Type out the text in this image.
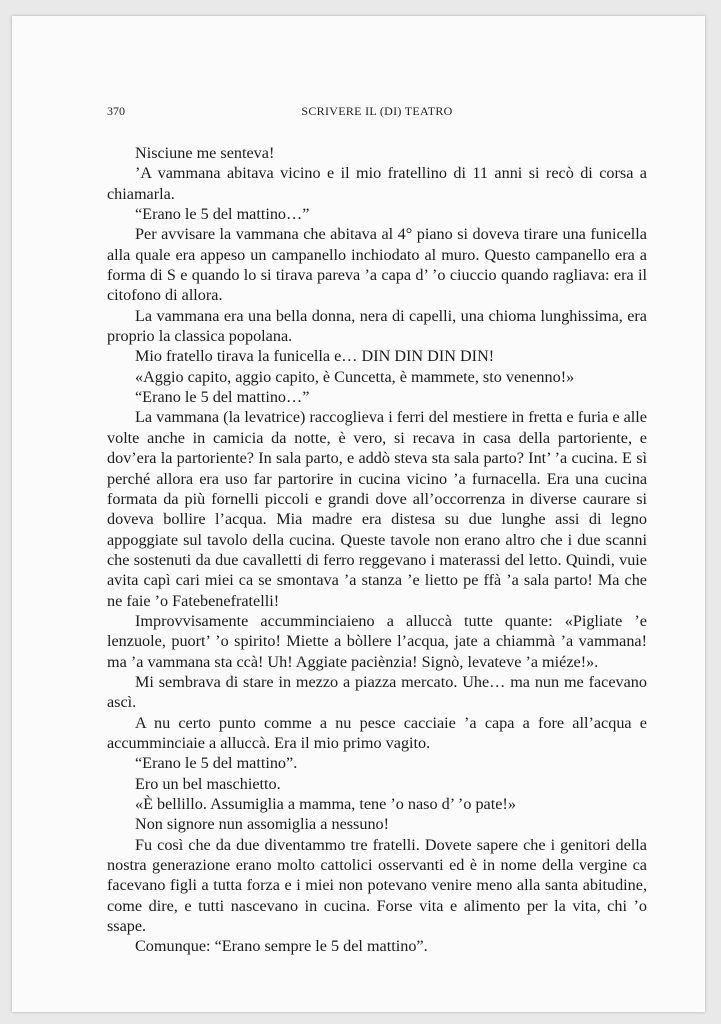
370	SCRIVERE IL (DI) TEATRO

Nisciune me senteva!

’A vammana abitava vicino e il mio fratellino di 11 anni si recò di corsa a chiamarla.

“Erano le 5 del mattino…”

Per avvisare la vammana che abitava al 4° piano si doveva tirare una funicella alla quale era appeso un campanello inchiodato al muro. Questo campanello era a forma di S e quando lo si tirava pareva ’a capa d’ ’o ciuccio quando ragliava: era il citofono di allora.

La vammana era una bella donna, nera di capelli, una chioma lunghissima, era proprio la classica popolana.

Mio fratello tirava la funicella e… DIN DIN DIN DIN!

«Aggio capito, aggio capito, è Cuncetta, è mammete, sto venenno!»

“Erano le 5 del mattino…”

La vammana (la levatrice) raccoglieva i ferri del mestiere in fretta e furia e alle volte anche in camicia da notte, è vero, si recava in casa della partoriente, e dov’era la partoriente? In sala parto, e addò steva sta sala parto? Int’ ’a cucina. E sì perché allora era uso far partorire in cucina vicino ’a furnacella. Era una cucina formata da più fornelli piccoli e grandi dove all’occorrenza in diverse caurare si doveva bollire l’acqua. Mia madre era distesa su due lunghe assi di legno appoggiate sul tavolo della cucina. Queste tavole non erano altro che i due scanni che sostenuti da due cavalletti di ferro reggevano i materassi del letto. Quindi, vuie avita capì cari miei ca se smontava ’a stanza ’e lietto pe ffà ’a sala parto! Ma che ne faie ’o Fatebenefratelli!

Improvvisamente accumminciaieno a alluccà tutte quante: «Pigliate ’e lenzuole, puort’ ’o spirito! Miette a bòllere l’acqua, jate a chiammà ’a vammana! ma ’a vammana sta ccà! Uh! Aggiate paciènzia! Signò, levateve ’a miéze!».

Mi sembrava di stare in mezzo a piazza mercato. Uhe… ma nun me facevano ascì.

A nu certo punto comme a nu pesce cacciaie ’a capa a fore all’acqua e accumminciaie a alluccà. Era il mio primo vagito.

“Erano le 5 del mattino”.

Ero un bel maschietto.

«È bellillo. Assumiglia a mamma, tene ’o naso d’ ’o pate!»

Non signore nun assomiglia a nessuno!

Fu così che da due diventammo tre fratelli. Dovete sapere che i genitori della nostra generazione erano molto cattolici osservanti ed è in nome della vergine ca facevano figli a tutta forza e i miei non potevano venire meno alla santa abitudine, come dire, e tutti nascevano in cucina. Forse vita e alimento per la vita, chi ’o ssape.

Comunque: “Erano sempre le 5 del mattino”.
